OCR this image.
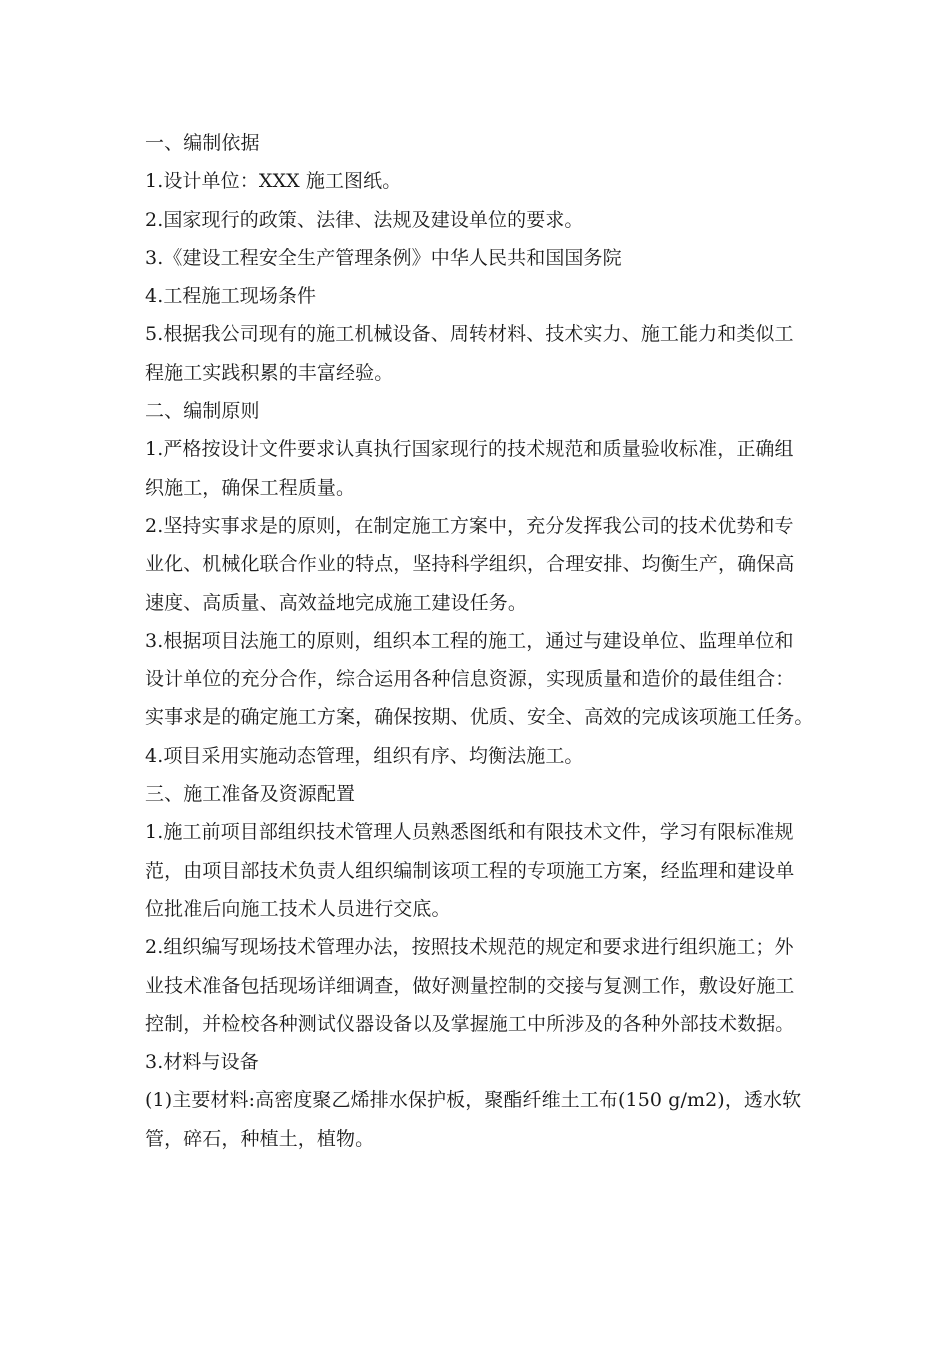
一、编制依据
1.设计单位：XXX 施工图纸。
2.国家现行的政策、法律、法规及建设单位的要求。
3.《建设工程安全生产管理条例》中华人民共和国国务院
4.工程施工现场条件
5.根据我公司现有的施工机械设备、周转材料、技术实力、施工能力和类似工
程施工实践积累的丰富经验。
二、编制原则
1.严格按设计文件要求认真执行国家现行的技术规范和质量验收标准，正确组
织施工，确保工程质量。
2.坚持实事求是的原则，在制定施工方案中，充分发挥我公司的技术优势和专
业化、机械化联合作业的特点，坚持科学组织，合理安排、均衡生产，确保高
速度、高质量、高效益地完成施工建设任务。
3.根据项目法施工的原则，组织本工程的施工，通过与建设单位、监理单位和
设计单位的充分合作，综合运用各种信息资源，实现质量和造价的最佳组合：
实事求是的确定施工方案，确保按期、优质、安全、高效的完成该项施工任务。
4.项目采用实施动态管理，组织有序、均衡法施工。
三、施工准备及资源配置
1.施工前项目部组织技术管理人员熟悉图纸和有限技术文件，学习有限标准规
范，由项目部技术负责人组织编制该项工程的专项施工方案，经监理和建设单
位批准后向施工技术人员进行交底。
2.组织编写现场技术管理办法，按照技术规范的规定和要求进行组织施工；外
业技术准备包括现场详细调查，做好测量控制的交接与复测工作，敷设好施工
控制，并检校各种测试仪器设备以及掌握施工中所涉及的各种外部技术数据。
3.材料与设备
(1)主要材料:高密度聚乙烯排水保护板，聚酯纤维土工布(150 g/m2)，透水软
管，碎石，种植土，植物。
